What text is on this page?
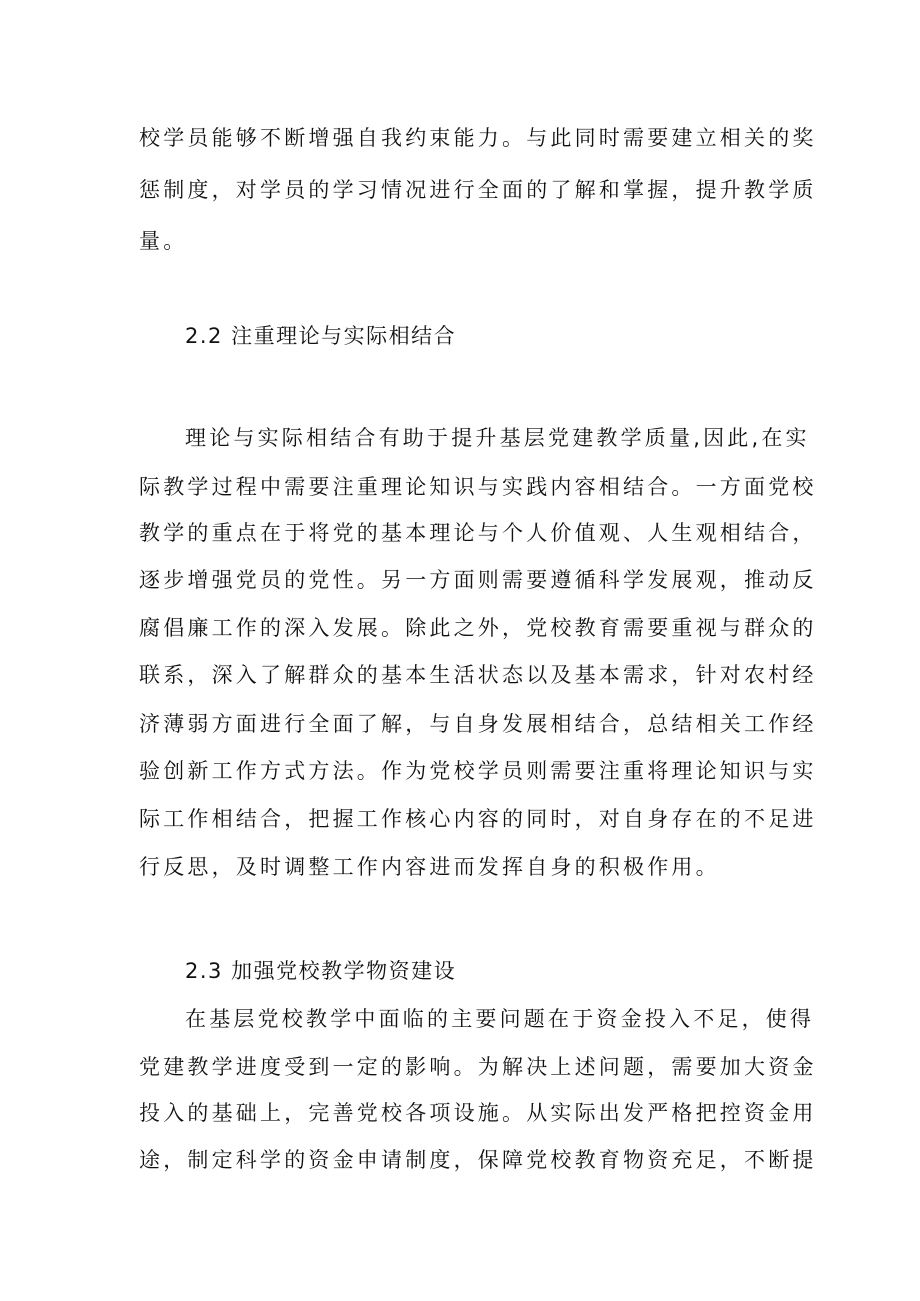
校学员能够不断增强自我约束能力。与此同时需要建立相关的奖
惩制度，对学员的学习情况进行全面的了解和掌握，提升教学质
量。
2.2 注重理论与实际相结合
理论与实际相结合有助于提升基层党建教学质量,因此,在实
际教学过程中需要注重理论知识与实践内容相结合。一方面党校
教学的重点在于将党的基本理论与个人价值观、人生观相结合，
逐步增强党员的党性。另一方面则需要遵循科学发展观，推动反
腐倡廉工作的深入发展。除此之外，党校教育需要重视与群众的
联系，深入了解群众的基本生活状态以及基本需求，针对农村经
济薄弱方面进行全面了解，与自身发展相结合，总结相关工作经
验创新工作方式方法。作为党校学员则需要注重将理论知识与实
际工作相结合，把握工作核心内容的同时，对自身存在的不足进
行反思，及时调整工作内容进而发挥自身的积极作用。
2.3 加强党校教学物资建设
在基层党校教学中面临的主要问题在于资金投入不足，使得
党建教学进度受到一定的影响。为解决上述问题，需要加大资金
投入的基础上，完善党校各项设施。从实际出发严格把控资金用
途，制定科学的资金申请制度，保障党校教育物资充足，不断提
